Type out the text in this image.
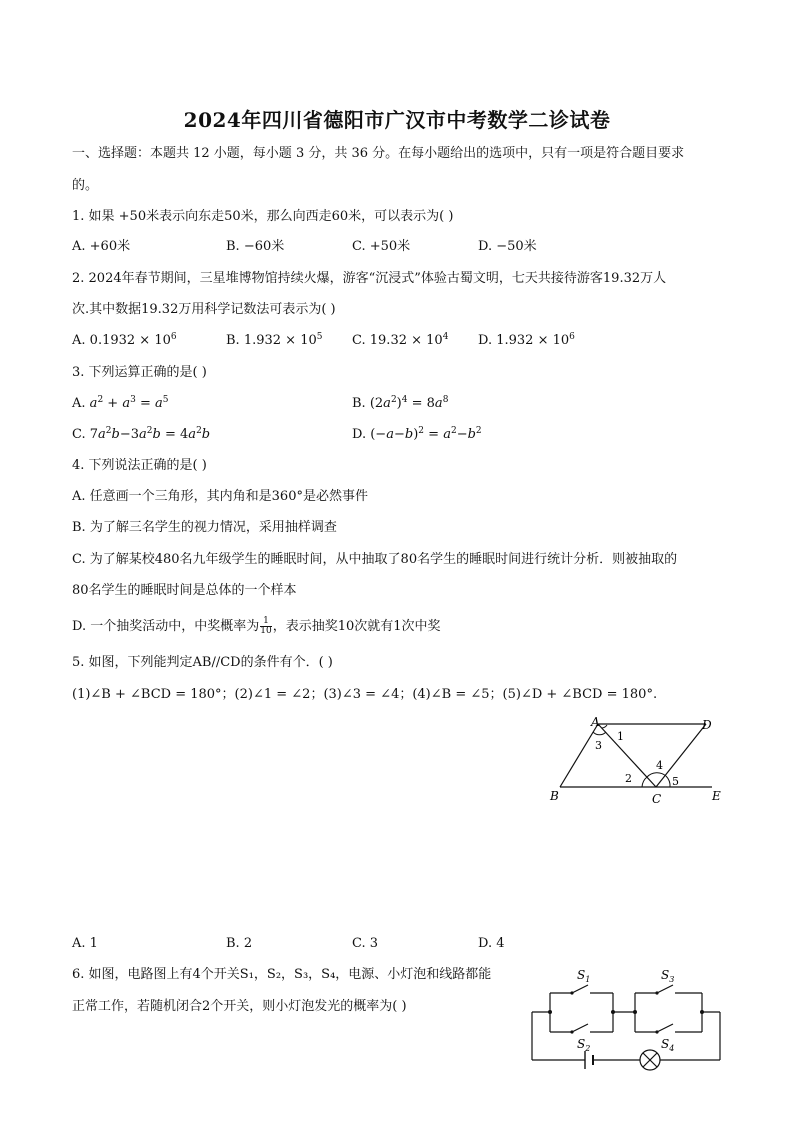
2024年四川省德阳市广汉市中考数学二诊试卷
一、选择题：本题共 12 小题，每小题 3 分，共 36 分。在每小题给出的选项中，只有一项是符合题目要求
的。
1. 如果 +50米表示向东走50米，那么向西走60米，可以表示为( )
A. +60米	B. −60米	C. +50米	D. −50米
2. 2024年春节期间，三星堆博物馆持续火爆，游客“沉浸式”体验古蜀文明，七天共接待游客19.32万人
次.其中数据19.32万用科学记数法可表示为( )
A. $0.1932 \times 10^6$	B. $1.932 \times 10^5$ C. $19.32 \times 10^4$ D. $1.932 \times 10^6$
3. 下列运算正确的是( )
A. $a^2 + a^3 = a^5$	B. $(2a^2)^4 = 8a^8$
C. $7a^2b-3a^2b = 4a^2b$	D. $(-a-b)^2 = a^2-b^2$
4. 下列说法正确的是( )
A. 任意画一个三角形，其内角和是360°是必然事件
B. 为了解三名学生的视力情况，采用抽样调查
C. 为了解某校480名九年级学生的睡眠时间，从中抽取了80名学生的睡眠时间进行统计分析．则被抽取的
80名学生的睡眠时间是总体的一个样本
D. 一个抽奖活动中，中奖概率为 $\frac{1}{10}$ ，表示抽奖10次就有1次中奖
5. 如图，下列能判定AB//CD的条件有个．( )
(1)∠B + ∠BCD = 180°；(2)∠1 = ∠2；(3)∠3 = ∠4；(4)∠B = ∠5；(5)∠D + ∠BCD = 180°.
A	D
B	C	E
1
3
2
4
5
A. 1	B. 2	C. 3	D. 4
6. 如图，电路图上有4个开关S₁，S₂，S₃，S₄，电源、小灯泡和线路都能
正常工作，若随机闭合2个开关，则小灯泡发光的概率为( )
$S_1$
$S_2$
$S_3$
$S_4$
